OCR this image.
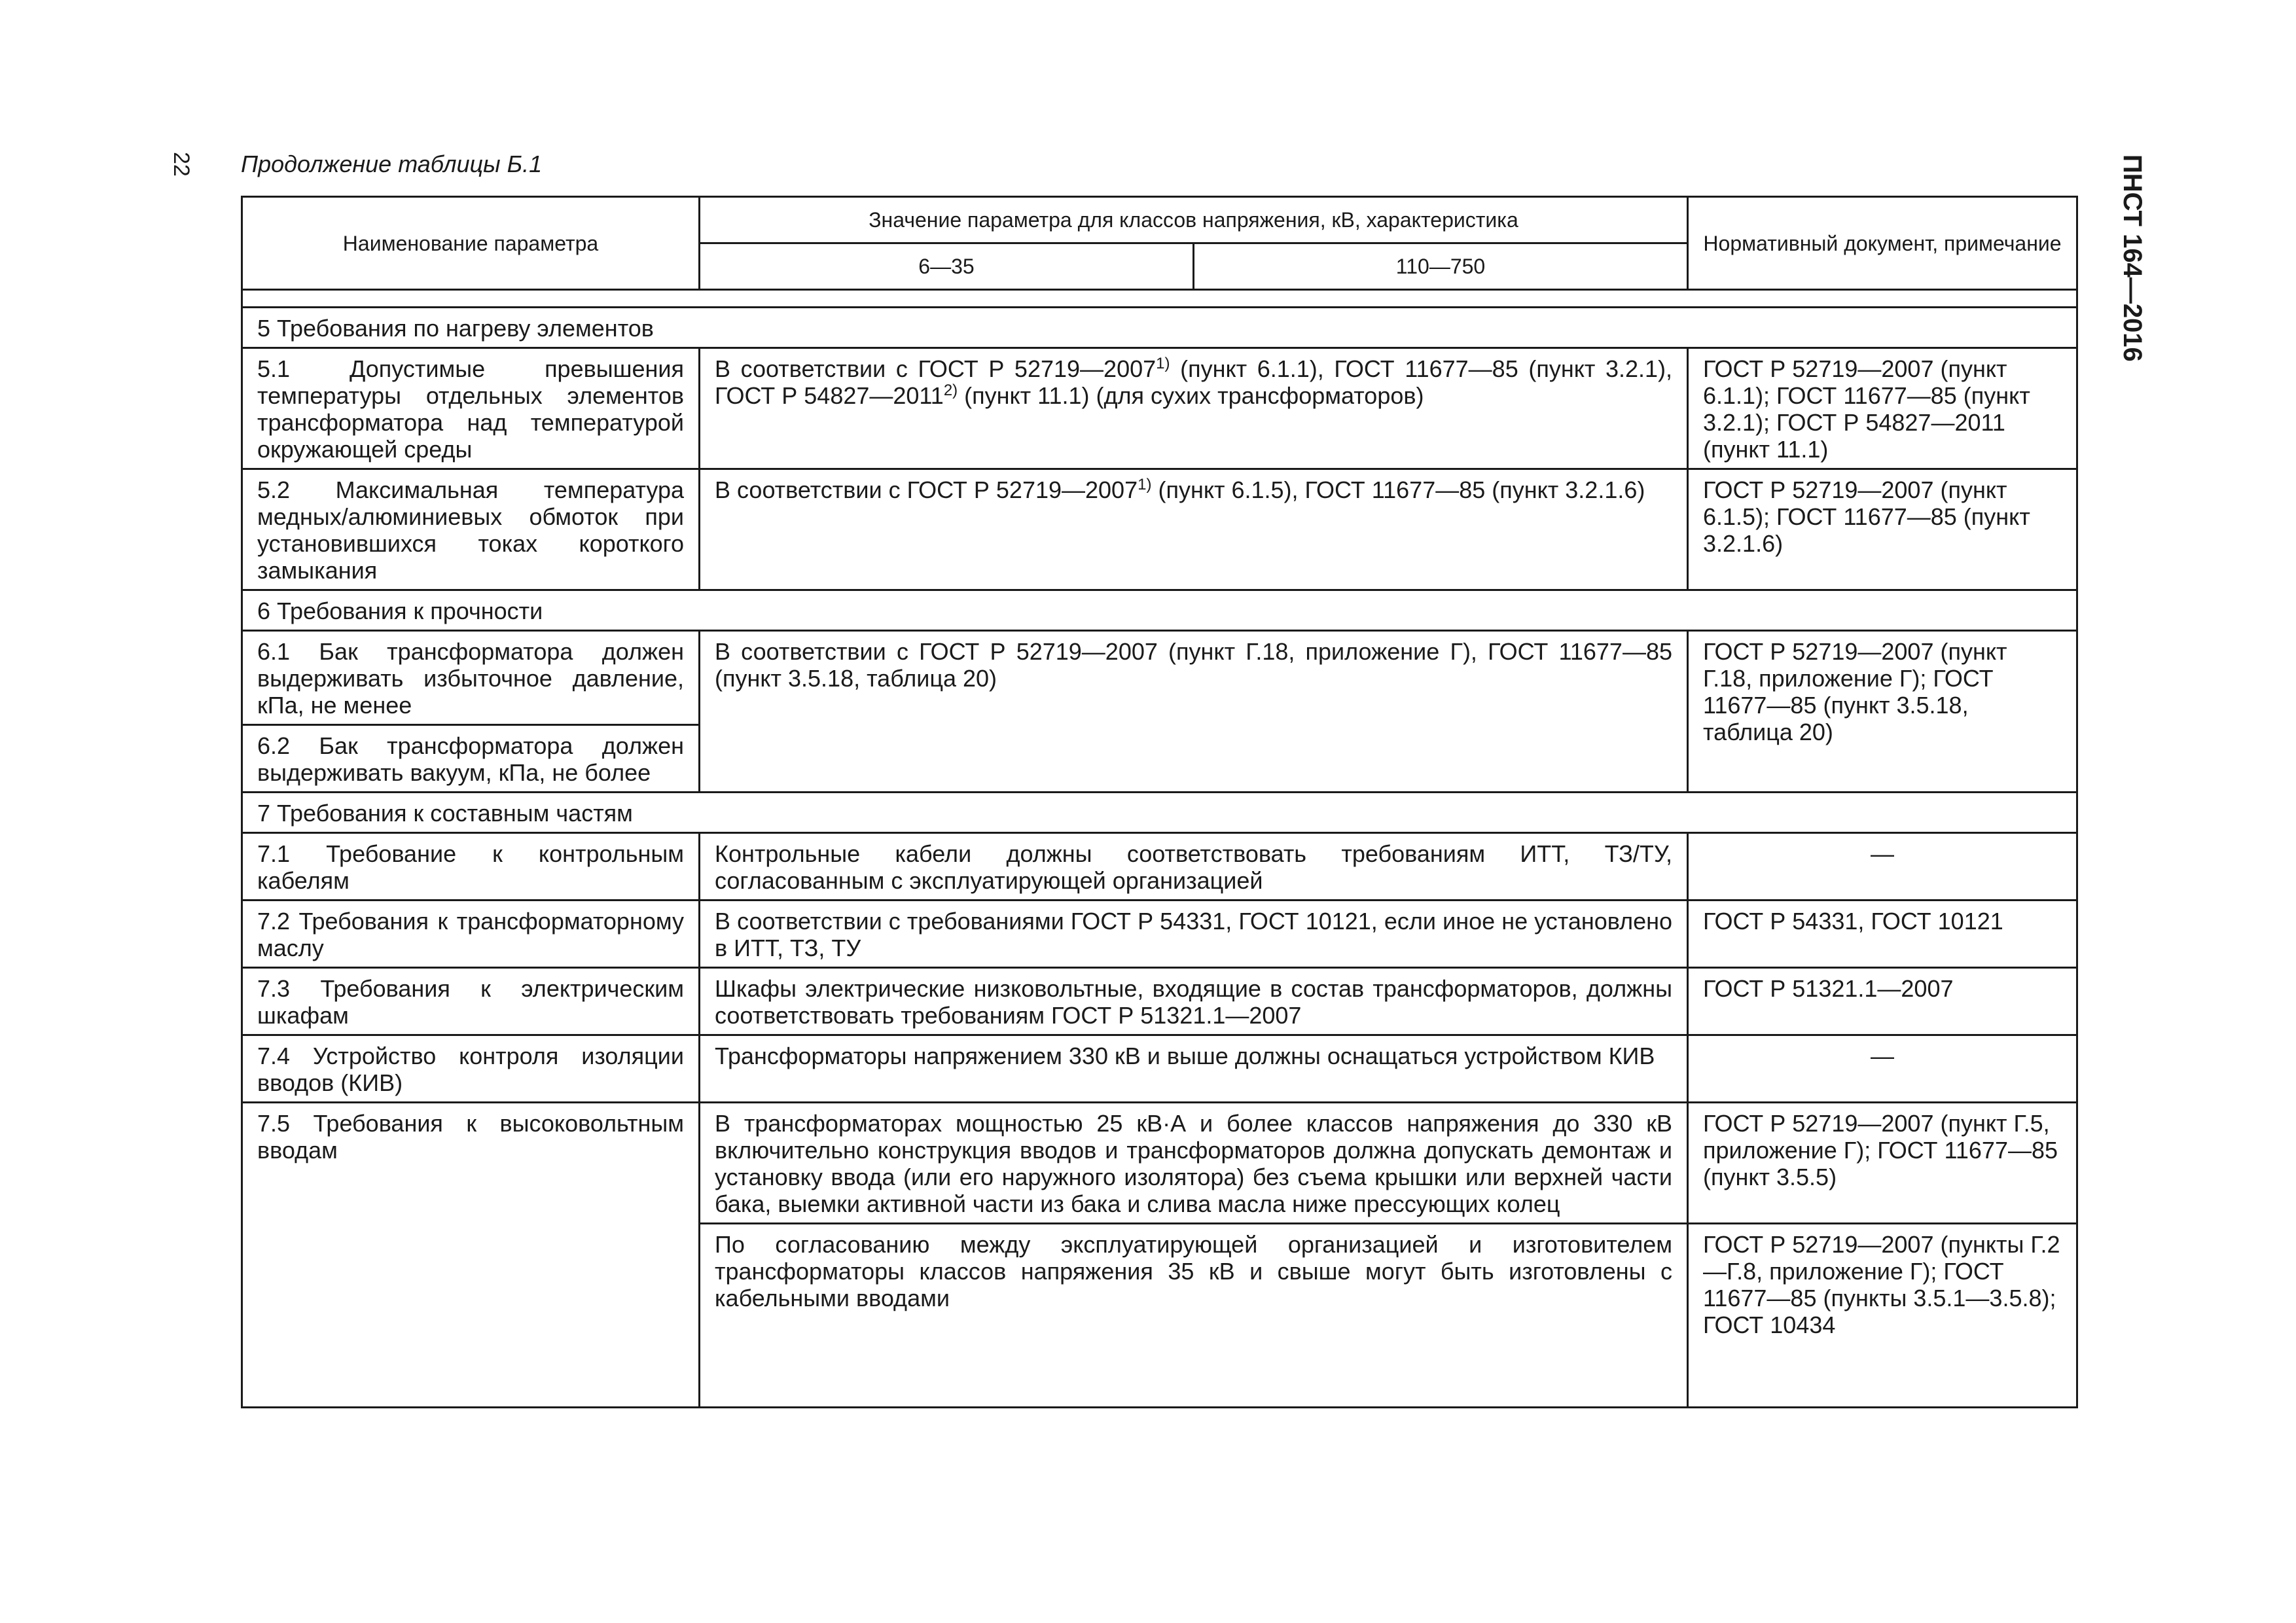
22 Продолжение таблицы Б.1	ПНСТ 164—2016
Наименование параметра	Значение параметра для классов напряжения, кВ, характеристика		Нормативный документ, примечание
	6—35	110—750	

5 Требования по нагреву элементов			
5.1 Допустимые превышения температуры отдельных элементов трансформатора над температурой окружающей среды	В соответствии с ГОСТ Р 52719—2007$^{1)}$ (пункт 6.1.1), ГОСТ 11677—85 (пункт 3.2.1), ГОСТ Р 54827—2011$^{2)}$ (пункт 11.1) (для сухих трансформаторов)		ГОСТ Р 52719—2007 (пункт 6.1.1); ГОСТ 11677—85 (пункт 3.2.1); ГОСТ Р 54827—2011 (пункт 11.1)
5.2 Максимальная температура медных/алюминиевых обмоток при установившихся токах короткого замыкания	В соответствии с ГОСТ Р 52719—2007$^{1)}$ (пункт 6.1.5), ГОСТ 11677—85 (пункт 3.2.1.6)		ГОСТ Р 52719—2007 (пункт 6.1.5); ГОСТ 11677—85 (пункт 3.2.1.6)
6 Требования к прочности			
6.1 Бак трансформатора должен выдерживать избыточное давление, кПа, не менее	В соответствии с ГОСТ Р 52719—2007 (пункт Г.18, приложение Г), ГОСТ 11677—85 (пункт 3.5.18, таблица 20)		ГОСТ Р 52719—2007 (пункт Г.18, приложение Г); ГОСТ 11677—85 (пункт 3.5.18, таблица 20)
6.2 Бак трансформатора должен выдерживать вакуум, кПа, не более			
7 Требования к составным частям			
7.1 Требование к контрольным кабелям	Контрольные кабели должны соответствовать требованиям ИТТ, ТЗ/ТУ, согласованным с эксплуатирующей организацией		—
7.2 Требования к трансформаторному маслу	В соответствии с требованиями ГОСТ Р 54331, ГОСТ 10121, если иное не установлено в ИТТ, ТЗ, ТУ		ГОСТ Р 54331, ГОСТ 10121
7.3 Требования к электрическим шкафам	Шкафы электрические низковольтные, входящие в состав трансформаторов, должны соответствовать требованиям ГОСТ Р 51321.1—2007		ГОСТ Р 51321.1—2007
7.4 Устройство контроля изоляции вводов (КИВ)	Трансформаторы напряжением 330 кВ и выше должны оснащаться устройством КИВ		—
7.5 Требования к высоковольтным вводам	В трансформаторах мощностью 25 кВ·А и более классов напряжения до 330 кВ включительно конструкция вводов и трансформаторов должна допускать демонтаж и установку ввода (или его наружного изолятора) без съема крышки или верхней части бака, выемки активной части из бака и слива масла ниже прессующих колец		ГОСТ Р 52719—2007 (пункт Г.5, приложение Г); ГОСТ 11677—85 (пункт 3.5.5)
	По согласованию между эксплуатирующей организацией и изготовителем трансформаторы классов напряжения 35 кВ и свыше могут быть изготовлены с кабельными вводами		ГОСТ Р 52719—2007 (пункты Г.2—Г.8, приложение Г); ГОСТ 11677—85 (пункты 3.5.1—3.5.8); ГОСТ 10434
